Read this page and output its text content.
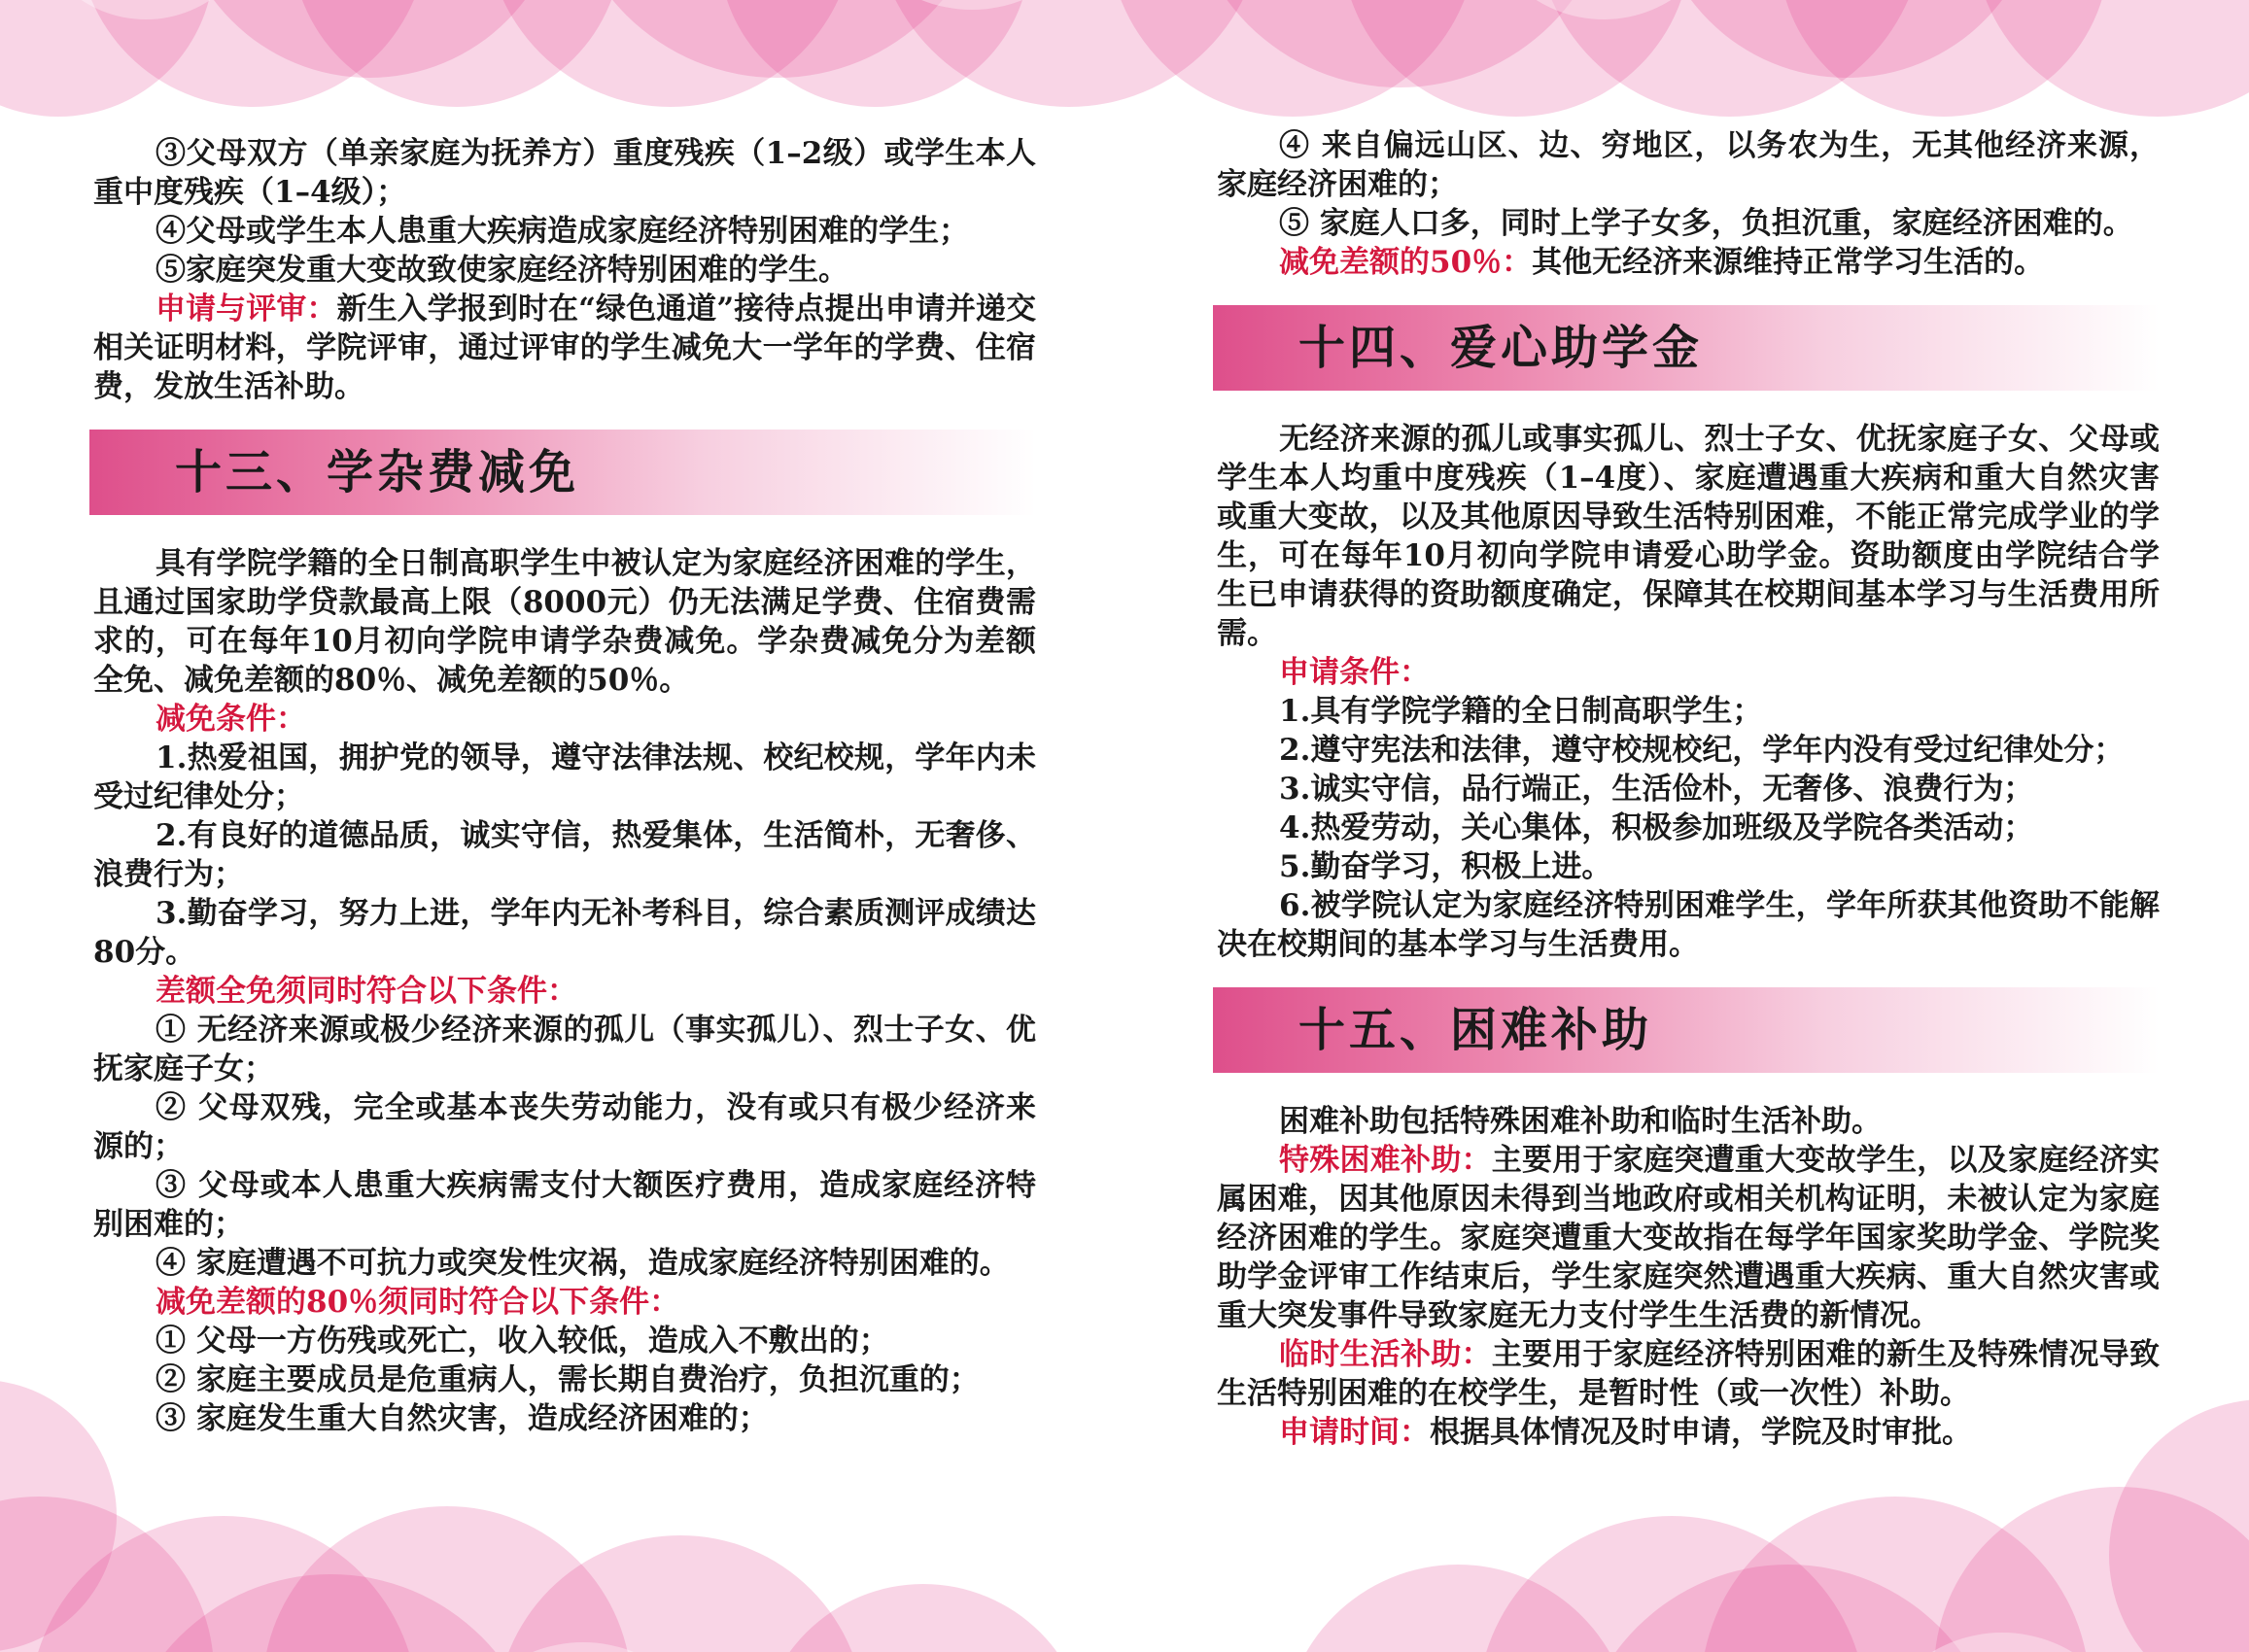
③父母双方（单亲家庭为抚养方）重度残疾（1–2级）或学生本人重中度残疾（1–4级）；

④父母或学生本人患重大疾病造成家庭经济特别困难的学生；

⑤家庭突发重大变故致使家庭经济特别困难的学生。

申请与评审：新生入学报到时在“绿色通道”接待点提出申请并递交相关证明材料，学院评审，通过评审的学生减免大一学年的学费、住宿费，发放生活补助。

十三、学杂费减免

具有学院学籍的全日制高职学生中被认定为家庭经济困难的学生，且通过国家助学贷款最高上限（8000元）仍无法满足学费、住宿费需求的，可在每年10月初向学院申请学杂费减免。学杂费减免分为差额全免、减免差额的80％、减免差额的50％。

减免条件：

1.热爱祖国，拥护党的领导，遵守法律法规、校纪校规，学年内未受过纪律处分；

2.有良好的道德品质，诚实守信，热爱集体，生活简朴，无奢侈、浪费行为；

3.勤奋学习，努力上进，学年内无补考科目，综合素质测评成绩达80分。

差额全免须同时符合以下条件：

① 无经济来源或极少经济来源的孤儿（事实孤儿）、烈士子女、优抚家庭子女；

② 父母双残，完全或基本丧失劳动能力，没有或只有极少经济来源的；

③ 父母或本人患重大疾病需支付大额医疗费用，造成家庭经济特别困难的；

④ 家庭遭遇不可抗力或突发性灾祸，造成家庭经济特别困难的。

减免差额的80％须同时符合以下条件：

① 父母一方伤残或死亡，收入较低，造成入不敷出的；

② 家庭主要成员是危重病人，需长期自费治疗，负担沉重的；

③ 家庭发生重大自然灾害，造成经济困难的；

④ 来自偏远山区、边、穷地区，以务农为生，无其他经济来源，家庭经济困难的；

⑤ 家庭人口多，同时上学子女多，负担沉重，家庭经济困难的。

减免差额的50％：其他无经济来源维持正常学习生活的。

十四、爱心助学金

无经济来源的孤儿或事实孤儿、烈士子女、优抚家庭子女、父母或学生本人均重中度残疾（1–4度）、家庭遭遇重大疾病和重大自然灾害或重大变故，以及其他原因导致生活特别困难，不能正常完成学业的学生，可在每年10月初向学院申请爱心助学金。资助额度由学院结合学生已申请获得的资助额度确定，保障其在校期间基本学习与生活费用所需。

申请条件：

1.具有学院学籍的全日制高职学生；

2.遵守宪法和法律，遵守校规校纪，学年内没有受过纪律处分；

3.诚实守信，品行端正，生活俭朴，无奢侈、浪费行为；

4.热爱劳动，关心集体，积极参加班级及学院各类活动；

5.勤奋学习，积极上进。

6.被学院认定为家庭经济特别困难学生，学年所获其他资助不能解决在校期间的基本学习与生活费用。

十五、困难补助

困难补助包括特殊困难补助和临时生活补助。

特殊困难补助：主要用于家庭突遭重大变故学生，以及家庭经济实属困难，因其他原因未得到当地政府或相关机构证明，未被认定为家庭经济困难的学生。家庭突遭重大变故指在每学年国家奖助学金、学院奖助学金评审工作结束后，学生家庭突然遭遇重大疾病、重大自然灾害或重大突发事件导致家庭无力支付学生生活费的新情况。

临时生活补助：主要用于家庭经济特别困难的新生及特殊情况导致生活特别困难的在校学生，是暂时性（或一次性）补助。

申请时间：根据具体情况及时申请，学院及时审批。
